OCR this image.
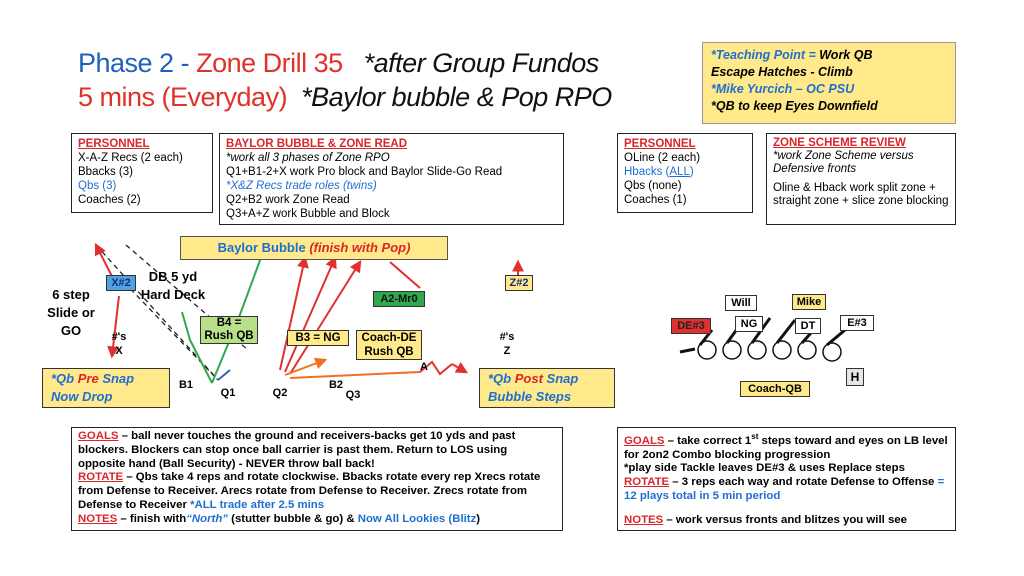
Phase 2 - Zone Drill 35 *after Group Fundos
5 mins (Everyday) *Baylor bubble & Pop RPO
*Teaching Point = Work QB
Escape Hatches - Climb
*Mike Yurcich – OC PSU
*QB to keep Eyes Downfield
PERSONNEL
X-A-Z Recs (2 each)
Bbacks (3)
Qbs (3)
Coaches (2)
BAYLOR BUBBLE & ZONE READ
*work all 3 phases of Zone RPO
Q1+B1-2+X work Pro block and Baylor Slide-Go Read
*X&Z Recs trade roles (twins)
Q2+B2 work Zone Read
Q3+A+Z work Bubble and Block
PERSONNEL
OLine (2 each)
Hbacks (ALL)
Qbs (none)
Coaches (1)
ZONE SCHEME REVIEW
*work Zone Scheme versus Defensive fronts
Oline & Hback work split zone + straight zone + slice zone blocking
Baylor Bubble (finish with Pop)
DB 5 yd Hard Deck
6 step Slide or GO
X#2	Z#2
A2-Mr0
B4 = Rush QB	B3 = NG	Coach-DE Rush QB
#'s X
#'s Z
A
B1	B2
Q1	Q2	Q3
*Qb Pre Snap Now Drop
*Qb Post Snap Bubble Steps
Will	Mike
DE#3	NG	DT	E#3
H
Coach-QB
GOALS – ball never touches the ground and receivers-backs get 10 yds and past blockers. Blockers can stop once ball carrier is past them. Return to LOS using opposite hand (Ball Security) - NEVER throw ball back!
ROTATE – Qbs take 4 reps and rotate clockwise. Bbacks rotate every rep Xrecs rotate from Defense to Receiver. Arecs rotate from Defense to Receiver. Zrecs rotate from Defense to Receiver *ALL trade after 2.5 mins
NOTES – finish with“North” (stutter bubble & go) & Now All Lookies (Blitz)
GOALS – take correct 1st steps toward and eyes on LB level for 2on2 Combo blocking progression
*play side Tackle leaves DE#3 & uses Replace steps
ROTATE – 3 reps each way and rotate Defense to Offense = 12 plays total in 5 min period
NOTES – work versus fronts and blitzes you will see
